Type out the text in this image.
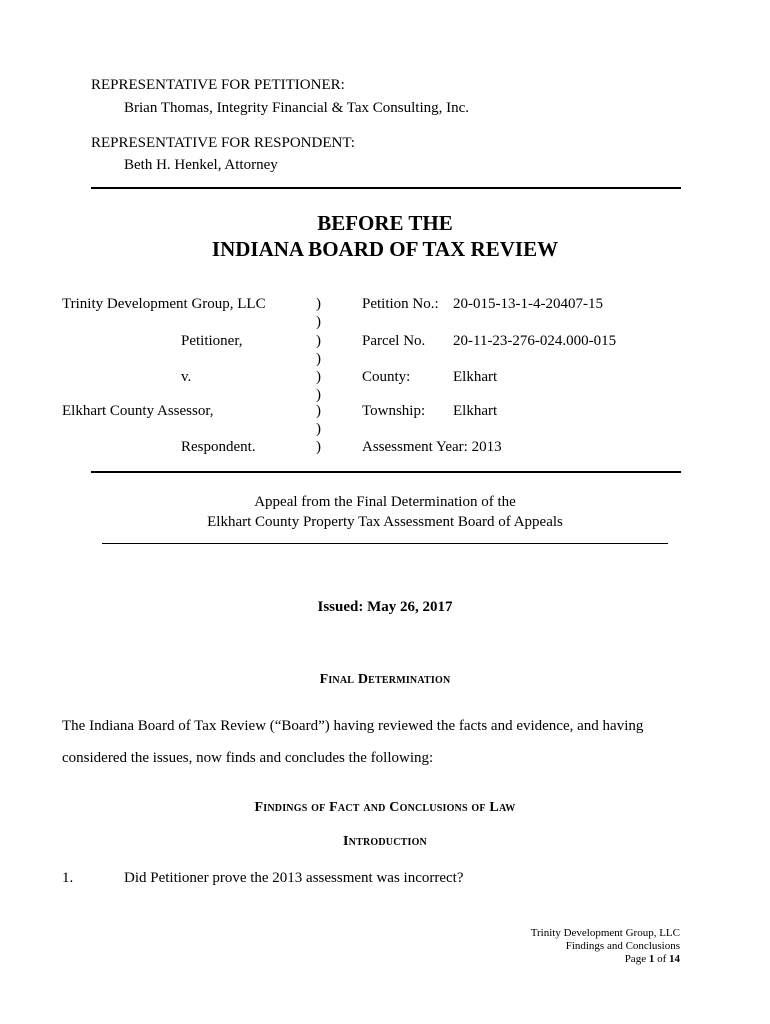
REPRESENTATIVE FOR PETITIONER:
Brian Thomas, Integrity Financial & Tax Consulting, Inc.
REPRESENTATIVE FOR RESPONDENT:
Beth H. Henkel, Attorney
BEFORE THE
INDIANA BOARD OF TAX REVIEW
Trinity Development Group, LLC
Petitioner,
v.
Elkhart County Assessor,
Respondent.
)
)
)
)
)
)
)
)
)
Petition No.: 20-015-13-1-4-20407-15
Parcel No. 20-11-23-276-024.000-015
County:	Elkhart
Township: Elkhart
Assessment Year: 2013
Appeal from the Final Determination of the
Elkhart County Property Tax Assessment Board of Appeals
Issued: May 26, 2017
Final Determination
The Indiana Board of Tax Review (“Board”) having reviewed the facts and evidence, and having
considered the issues, now finds and concludes the following:
Findings of Fact and Conclusions of Law
Introduction
1.	Did Petitioner prove the 2013 assessment was incorrect?
Trinity Development Group, LLC
Findings and Conclusions
Page 1 of 14
